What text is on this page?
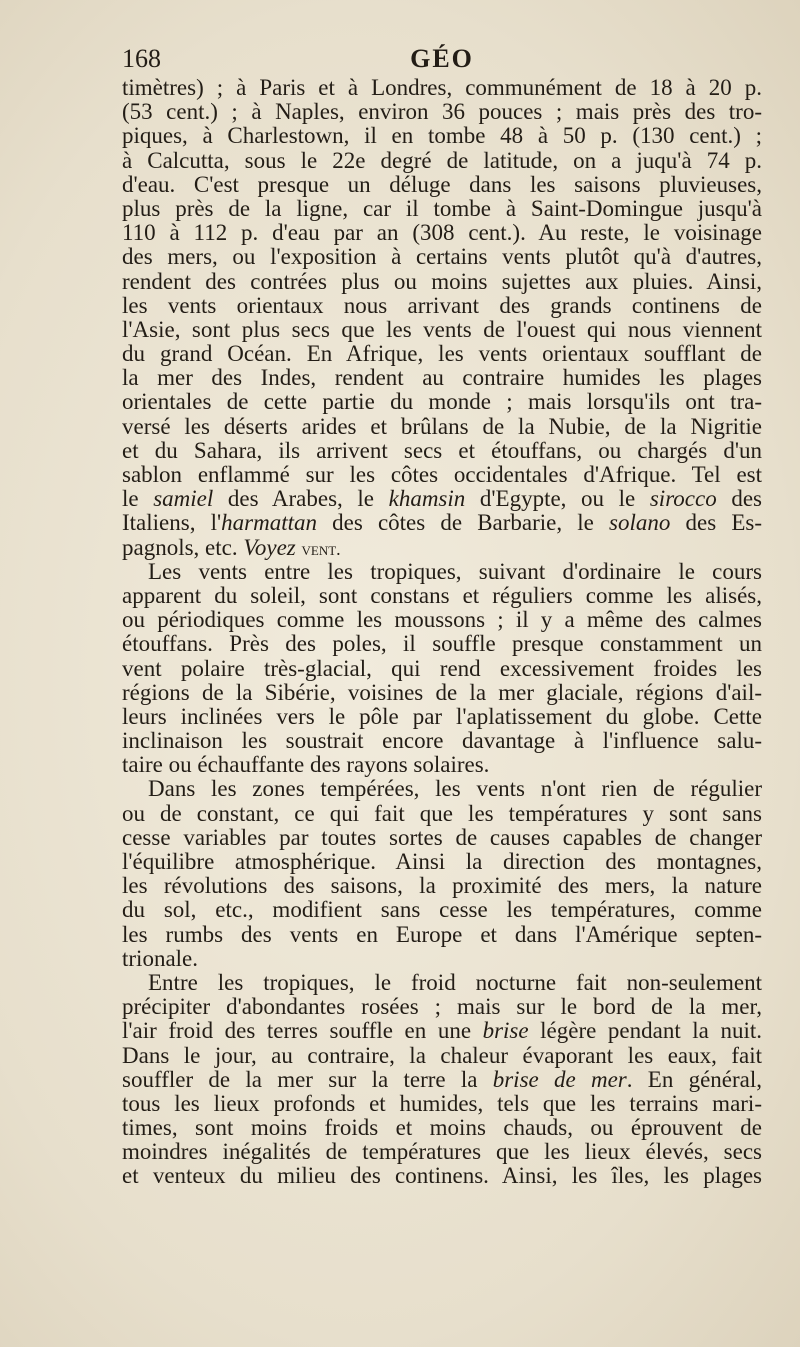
168	GÉO
timètres) ; à Paris et à Londres, communément de 18 à 20 p.
(53 cent.) ; à Naples, environ 36 pouces ; mais près des tro-
piques, à Charlestown, il en tombe 48 à 50 p. (130 cent.) ;
à Calcutta, sous le 22e degré de latitude, on a juqu'à 74 p.
d'eau. C'est presque un déluge dans les saisons pluvieuses,
plus près de la ligne, car il tombe à Saint-Domingue jusqu'à
110 à 112 p. d'eau par an (308 cent.). Au reste, le voisinage
des mers, ou l'exposition à certains vents plutôt qu'à d'autres,
rendent des contrées plus ou moins sujettes aux pluies. Ainsi,
les vents orientaux nous arrivant des grands continens de
l'Asie, sont plus secs que les vents de l'ouest qui nous viennent
du grand Océan. En Afrique, les vents orientaux soufflant de
la mer des Indes, rendent au contraire humides les plages
orientales de cette partie du monde ; mais lorsqu'ils ont tra-
versé les déserts arides et brûlans de la Nubie, de la Nigritie
et du Sahara, ils arrivent secs et étouffans, ou chargés d'un
sablon enflammé sur les côtes occidentales d'Afrique. Tel est
le samiel des Arabes, le khamsin d'Egypte, ou le sirocco des
Italiens, l'harmattan des côtes de Barbarie, le solano des Es-
pagnols, etc. Voyez vent.
Les vents entre les tropiques, suivant d'ordinaire le cours
apparent du soleil, sont constans et réguliers comme les alisés,
ou périodiques comme les moussons ; il y a même des calmes
étouffans. Près des poles, il souffle presque constamment un
vent polaire très-glacial, qui rend excessivement froides les
régions de la Sibérie, voisines de la mer glaciale, régions d'ail-
leurs inclinées vers le pôle par l'aplatissement du globe. Cette
inclinaison les soustrait encore davantage à l'influence salu-
taire ou échauffante des rayons solaires.
Dans les zones tempérées, les vents n'ont rien de régulier
ou de constant, ce qui fait que les températures y sont sans
cesse variables par toutes sortes de causes capables de changer
l'équilibre atmosphérique. Ainsi la direction des montagnes,
les révolutions des saisons, la proximité des mers, la nature
du sol, etc., modifient sans cesse les températures, comme
les rumbs des vents en Europe et dans l'Amérique septen-
trionale.
Entre les tropiques, le froid nocturne fait non-seulement
précipiter d'abondantes rosées ; mais sur le bord de la mer,
l'air froid des terres souffle en une brise légère pendant la nuit.
Dans le jour, au contraire, la chaleur évaporant les eaux, fait
souffler de la mer sur la terre la brise de mer. En général,
tous les lieux profonds et humides, tels que les terrains mari-
times, sont moins froids et moins chauds, ou éprouvent de
moindres inégalités de températures que les lieux élevés, secs
et venteux du milieu des continens. Ainsi, les îles, les plages
